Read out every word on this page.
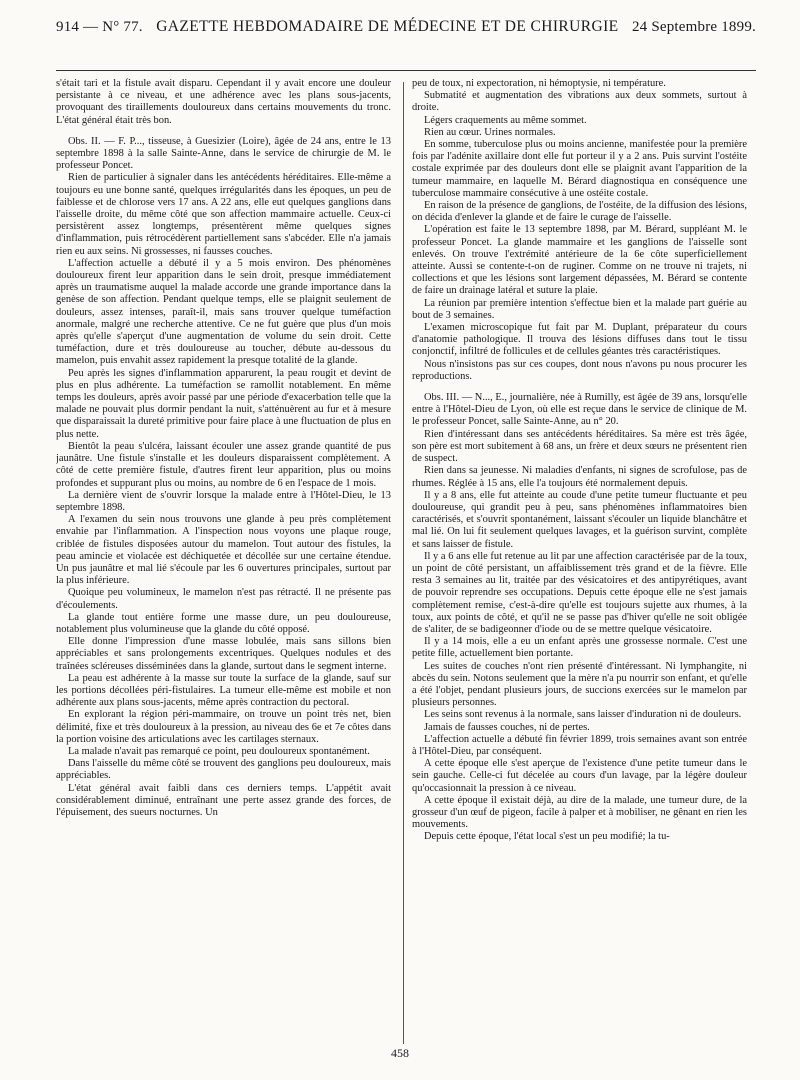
914 — N° 77. GAZETTE HEBDOMADAIRE DE MÉDECINE ET DE CHIRURGIE 24 Septembre 1899.

s'était tari et la fistule avait disparu. Cependant il y avait encore une douleur persistante à ce niveau, et une adhérence avec les plans sous-jacents, provoquant des tiraillements douloureux dans certains mouvements du tronc. L'état général était très bon.

Obs. II. — F. P..., tisseuse, à Guesizier (Loire), âgée de 24 ans, entre le 13 septembre 1898 à la salle Sainte-Anne, dans le service de chirurgie de M. le professeur Poncet.

Rien de particulier à signaler dans les antécédents héréditaires. Elle-même a toujours eu une bonne santé, quelques irrégularités dans les époques, un peu de faiblesse et de chlorose vers 17 ans. A 22 ans, elle eut quelques ganglions dans l'aisselle droite, du même côté que son affection mammaire actuelle. Ceux-ci persistèrent assez longtemps, présentèrent même quelques signes d'inflammation, puis rétrocédèrent partiellement sans s'abcéder. Elle n'a jamais rien eu aux seins. Ni grossesses, ni fausses couches.

L'affection actuelle a débuté il y a 5 mois environ. Des phénomènes douloureux firent leur apparition dans le sein droit, presque immédiatement après un traumatisme auquel la malade accorde une grande importance dans la genèse de son affection. Pendant quelque temps, elle se plaignit seulement de douleurs, assez intenses, paraît-il, mais sans trouver quelque tuméfaction anormale, malgré une recherche attentive. Ce ne fut guère que plus d'un mois après qu'elle s'aperçut d'une augmentation de volume du sein droit. Cette tuméfaction, dure et très douloureuse au toucher, débute au-dessous du mamelon, puis envahit assez rapidement la presque totalité de la glande.

Peu après les signes d'inflammation apparurent, la peau rougit et devint de plus en plus adhérente. La tuméfaction se ramollit notablement. En même temps les douleurs, après avoir passé par une période d'exacerbation telle que la malade ne pouvait plus dormir pendant la nuit, s'atténuèrent au fur et à mesure que disparaissait la dureté primitive pour faire place à une fluctuation de plus en plus nette.

Bientôt la peau s'ulcéra, laissant écouler une assez grande quantité de pus jaunâtre. Une fistule s'installe et les douleurs disparaissent complètement. A côté de cette première fistule, d'autres firent leur apparition, plus ou moins profondes et suppurant plus ou moins, au nombre de 6 en l'espace de 1 mois.

La dernière vient de s'ouvrir lorsque la malade entre à l'Hôtel-Dieu, le 13 septembre 1898.

A l'examen du sein nous trouvons une glande à peu près complètement envahie par l'inflammation. A l'inspection nous voyons une plaque rouge, criblée de fistules disposées autour du mamelon. Tout autour des fistules, la peau amincie et violacée est déchiquetée et décollée sur une certaine étendue. Un pus jaunâtre et mal lié s'écoule par les 6 ouvertures principales, surtout par la plus inférieure.

Quoique peu volumineux, le mamelon n'est pas rétracté. Il ne présente pas d'écoulements.

La glande tout entière forme une masse dure, un peu douloureuse, notablement plus volumineuse que la glande du côté opposé.

Elle donne l'impression d'une masse lobulée, mais sans sillons bien appréciables et sans prolongements excentriques. Quelques nodules et des traînées scléreuses disséminées dans la glande, surtout dans le segment interne.

La peau est adhérente à la masse sur toute la surface de la glande, sauf sur les portions décollées péri-fistulaires. La tumeur elle-même est mobile et non adhérente aux plans sous-jacents, même après contraction du pectoral.

En explorant la région péri-mammaire, on trouve un point très net, bien délimité, fixe et très douloureux à la pression, au niveau des 6e et 7e côtes dans la portion voisine des articulations avec les cartilages sternaux.

La malade n'avait pas remarqué ce point, peu douloureux spontanément.

Dans l'aisselle du même côté se trouvent des ganglions peu douloureux, mais appréciables.

L'état général avait faibli dans ces derniers temps. L'appétit avait considérablement diminué, entraînant une perte assez grande des forces, de l'épuisement, des sueurs nocturnes. Un

peu de toux, ni expectoration, ni hémoptysie, ni température.

Submatité et augmentation des vibrations aux deux sommets, surtout à droite.

Légers craquements au même sommet.

Rien au cœur. Urines normales.

En somme, tuberculose plus ou moins ancienne, manifestée pour la première fois par l'adénite axillaire dont elle fut porteur il y a 2 ans. Puis survint l'ostéite costale exprimée par des douleurs dont elle se plaignit avant l'apparition de la tumeur mammaire, en laquelle M. Bérard diagnostiqua en conséquence une tuberculose mammaire consécutive à une ostéite costale.

En raison de la présence de ganglions, de l'ostéite, de la diffusion des lésions, on décida d'enlever la glande et de faire le curage de l'aisselle.

L'opération est faite le 13 septembre 1898, par M. Bérard, suppléant M. le professeur Poncet. La glande mammaire et les ganglions de l'aisselle sont enlevés. On trouve l'extrémité antérieure de la 6e côte superficiellement atteinte. Aussi se contente-t-on de ruginer. Comme on ne trouve ni trajets, ni collections et que les lésions sont largement dépassées, M. Bérard se contente de faire un drainage latéral et suture la plaie.

La réunion par première intention s'effectue bien et la malade part guérie au bout de 3 semaines.

L'examen microscopique fut fait par M. Duplant, préparateur du cours d'anatomie pathologique. Il trouva des lésions diffuses dans tout le tissu conjonctif, infiltré de follicules et de cellules géantes très caractéristiques.

Nous n'insistons pas sur ces coupes, dont nous n'avons pu nous procurer les reproductions.

Obs. III. — N..., E., journalière, née à Rumilly, est âgée de 39 ans, lorsqu'elle entre à l'Hôtel-Dieu de Lyon, où elle est reçue dans le service de clinique de M. le professeur Poncet, salle Sainte-Anne, au n° 20.

Rien d'intéressant dans ses antécédents héréditaires. Sa mère est très âgée, son père est mort subitement à 68 ans, un frère et deux sœurs ne présentent rien de suspect.

Rien dans sa jeunesse. Ni maladies d'enfants, ni signes de scrofulose, pas de rhumes. Réglée à 15 ans, elle l'a toujours été normalement depuis.

Il y a 8 ans, elle fut atteinte au coude d'une petite tumeur fluctuante et peu douloureuse, qui grandit peu à peu, sans phénomènes inflammatoires bien caractérisés, et s'ouvrit spontanément, laissant s'écouler un liquide blanchâtre et mal lié. On lui fit seulement quelques lavages, et la guérison survint, complète et sans laisser de fistule.

Il y a 6 ans elle fut retenue au lit par une affection caractérisée par de la toux, un point de côté persistant, un affaiblissement très grand et de la fièvre. Elle resta 3 semaines au lit, traitée par des vésicatoires et des antipyrétiques, avant de pouvoir reprendre ses occupations. Depuis cette époque elle ne s'est jamais complètement remise, c'est-à-dire qu'elle est toujours sujette aux rhumes, à la toux, aux points de côté, et qu'il ne se passe pas d'hiver qu'elle ne soit obligée de s'aliter, de se badigeonner d'iode ou de se mettre quelque vésicatoire.

Il y a 14 mois, elle a eu un enfant après une grossesse normale. C'est une petite fille, actuellement bien portante.

Les suites de couches n'ont rien présenté d'intéressant. Ni lymphangite, ni abcès du sein. Notons seulement que la mère n'a pu nourrir son enfant, et qu'elle a été l'objet, pendant plusieurs jours, de succions exercées sur le mamelon par plusieurs personnes.

Les seins sont revenus à la normale, sans laisser d'induration ni de douleurs.

Jamais de fausses couches, ni de pertes.

L'affection actuelle a débuté fin février 1899, trois semaines avant son entrée à l'Hôtel-Dieu, par conséquent.

A cette époque elle s'est aperçue de l'existence d'une petite tumeur dans le sein gauche. Celle-ci fut décelée au cours d'un lavage, par la légère douleur qu'occasionnait la pression à ce niveau.

A cette époque il existait déjà, au dire de la malade, une tumeur dure, de la grosseur d'un œuf de pigeon, facile à palper et à mobiliser, ne gênant en rien les mouvements.

Depuis cette époque, l'état local s'est un peu modifié; la tu-

458
